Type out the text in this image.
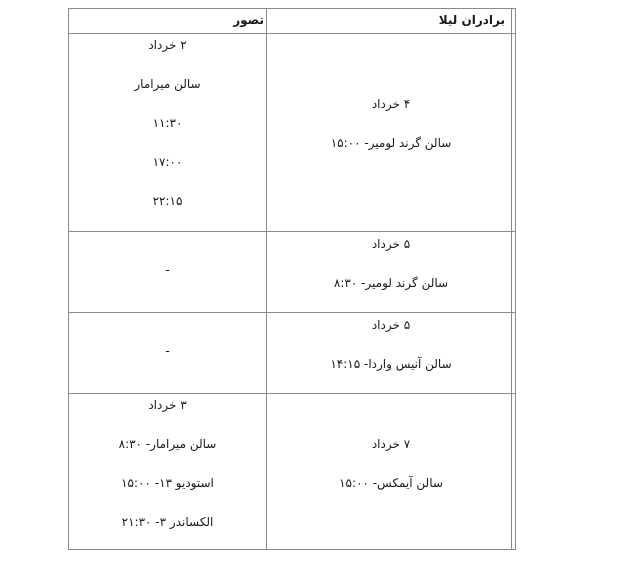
تصور	برادران لیلا
۲ خرداد
سالن میرامار
۱۱:۳۰
۱۷:۰۰
۲۲:۱۵
۴ خرداد
سالن گرند لومیر- ۱۵:۰۰
-
۵ خرداد
سالن گرند لومیر- ۸:۳۰
-
۵ خرداد
سالن آنیس واردا- ۱۴:۱۵
۳ خرداد
سالن میرامار- ۸:۳۰
استودیو ۱۳- ۱۵:۰۰
الکساندر ۳- ۲۱:۳۰
۷ خرداد
سالن آیمکس- ۱۵:۰۰
